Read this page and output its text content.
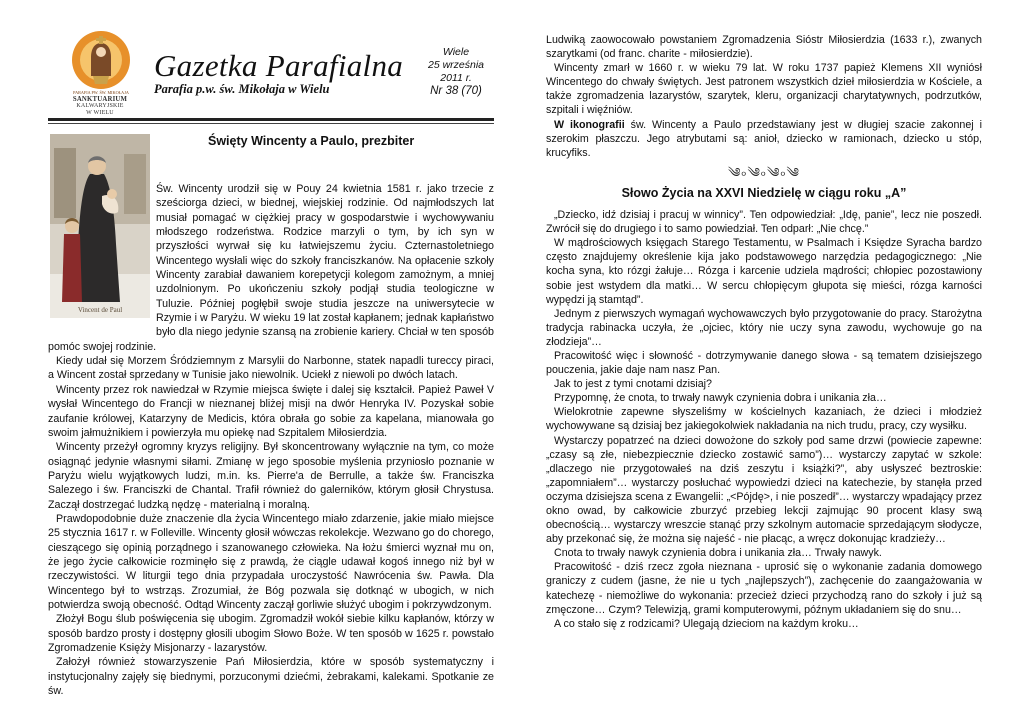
PARAFIA PW. ŚW. MIKOŁAJA
SANKTUARIUM
KALWARYJSKIE
W WIELU
Gazetka Parafialna
Parafia p.w. św. Mikołaja w Wielu
Wiele
25 września
2011 r.
Nr 38 (70)
Święty Wincenty a Paulo, prezbiter

Św. Wincenty urodził się w Pouy 24 kwietnia 1581 r. jako trzecie z sześciorga dzieci, w biednej, wiejskiej rodzinie. Od najmłodszych lat musiał pomagać w ciężkiej pracy w gospodarstwie i wychowywaniu młodszego rodzeństwa. Rodzice marzyli o tym, by ich syn w przyszłości wyrwał się ku łatwiejszemu życiu. Czternastoletniego Wincentego wysłali więc do szkoły franciszkanów. Na opłacenie szkoły Wincenty zarabiał dawaniem korepetycji kolegom zamożnym, a mniej uzdolnionym. Po ukończeniu szkoły podjął studia teologiczne w Tuluzie. Później pogłębił swoje studia jeszcze na uniwersytecie w Rzymie i w Paryżu. W wieku 19 lat został kapłanem; jednak kapłaństwo było dla niego jedynie szansą na zrobienie kariery. Chciał w ten sposób pomóc swojej rodzinie.

Kiedy udał się Morzem Śródziemnym z Marsylii do Narbonne, statek napadli tureccy piraci, a Wincent został sprzedany w Tunisie jako niewolnik. Uciekł z niewoli po dwóch latach.

Wincenty przez rok nawiedzał w Rzymie miejsca święte i dalej się kształcił. Papież Paweł V wysłał Wincentego do Francji w nieznanej bliżej misji na dwór Henryka IV. Pozyskał sobie zaufanie królowej, Katarzyny de Medicis, która obrała go sobie za kapelana, mianowała go swoim jałmużnikiem i powierzyła mu opiekę nad Szpitalem Miłosierdzia.

Wincenty przeżył ogromny kryzys religijny. Był skoncentrowany wyłącznie na tym, co może osiągnąć jedynie własnymi siłami. Zmianę w jego sposobie myślenia przyniosło poznanie w Paryżu wielu wyjątkowych ludzi, m.in. ks. Pierre'a de Berrulle, a także św. Franciszka Salezego i św. Franciszki de Chantal. Trafił również do galerników, którym głosił Chrystusa. Zaczął dostrzegać ludzką nędzę - materialną i moralną.

Prawdopodobnie duże znaczenie dla życia Wincentego miało zdarzenie, jakie miało miejsce 25 stycznia 1617 r. w Folleville. Wincenty głosił wówczas rekolekcje. Wezwano go do chorego, cieszącego się opinią porządnego i szanowanego człowieka. Na łożu śmierci wyznał mu on, że jego życie całkowicie rozminęło się z prawdą, że ciągle udawał kogoś innego niż był w rzeczywistości. W liturgii tego dnia przypadała uroczystość Nawrócenia św. Pawła. Dla Wincentego był to wstrząs. Zrozumiał, że Bóg pozwala się dotknąć w ubogich, w nich potwierdza swoją obecność. Odtąd Wincenty zaczął gorliwie służyć ubogim i pokrzywdzonym.

Złożył Bogu ślub poświęcenia się ubogim. Zgromadził wokół siebie kilku kapłanów, którzy w sposób bardzo prosty i dostępny głosili ubogim Słowo Boże. W ten sposób w 1625 r. powstało Zgromadzenie Księży Misjonarzy - lazarystów.

Założył również stowarzyszenie Pań Miłosierdzia, które w sposób systematyczny i instytucjonalny zajęły się biednymi, porzuconymi dziećmi, żebrakami, kalekami. Spotkanie ze św.

Vincent de Paul

Ludwiką zaowocowało powstaniem Zgromadzenia Sióstr Miłosierdzia (1633 r.), zwanych szarytkami (od franc. charite - miłosierdzie).

Wincenty zmarł w 1660 r. w wieku 79 lat. W roku 1737 papież Klemens XII wyniósł Wincentego do chwały świętych. Jest patronem wszystkich dzieł miłosierdzia w Kościele, a także zgromadzenia lazarystów, szarytek, kleru, organizacji charytatywnych, podrzutków, szpitali i więźniów.

W ikonografii św. Wincenty a Paulo przedstawiany jest w długiej szacie zakonnej i szerokim płaszczu. Jego atrybutami są: anioł, dziecko w ramionach, dziecko u stóp, krucyfiks.

༄৹༄৹༄৹༄
Słowo Życia na XXVI Niedzielę w ciągu roku „A”

„Dziecko, idź dzisiaj i pracuj w winnicy”. Ten odpowiedział: „Idę, panie”, lecz nie poszedł. Zwrócił się do drugiego i to samo powiedział. Ten odparł: „Nie chcę.”

W mądrościowych księgach Starego Testamentu, w Psalmach i Księdze Syracha bardzo często znajdujemy określenie kija jako podstawowego narzędzia pedagogicznego: „Nie kocha syna, kto rózgi żałuje… Rózga i karcenie udziela mądrości; chłopiec pozostawiony sobie jest wstydem dla matki… W sercu chłopięcym głupota się mieści, rózga karności wypędzi ją stamtąd”.

Jednym z pierwszych wymagań wychowawczych było przygotowanie do pracy. Starożytna tradycja rabinacka uczyła, że „ojciec, który nie uczy syna zawodu, wychowuje go na złodzieja”…

Pracowitość więc i słowność - dotrzymywanie danego słowa - są tematem dzisiejszego pouczenia, jakie daje nam nasz Pan.

Jak to jest z tymi cnotami dzisiaj?

Przypomnę, że cnota, to trwały nawyk czynienia dobra i unikania zła…

Wielokrotnie zapewne słyszeliśmy w kościelnych kazaniach, że dzieci i młodzież wychowywane są dzisiaj bez jakiegokolwiek nakładania na nich trudu, pracy, czy wysiłku.

Wystarczy popatrzeć na dzieci dowożone do szkoły pod same drzwi (powiecie zapewne: „czasy są złe, niebezpiecznie dziecko zostawić samo”)… wystarczy zapytać w szkole: „dlaczego nie przygotowałeś na dziś zeszytu i książki?”, aby usłyszeć beztroskie: „zapomniałem”… wystarczy posłuchać wypowiedzi dzieci na katechezie, by stanęła przed oczyma dzisiejsza scena z Ewangelii: „<Pójdę>, i nie poszedł”… wystarczy wpadający przez okno owad, by całkowicie zburzyć przebieg lekcji zajmując 90 procent klasy swą obecnością… wystarczy wreszcie stanąć przy szkolnym automacie sprzedającym słodycze, aby przekonać się, że można się najeść - nie płacąc, a wręcz dokonując kradzieży…

Cnota to trwały nawyk czynienia dobra i unikania zła… Trwały nawyk.

Pracowitość - dziś rzecz zgoła nieznana - uprosić się o wykonanie zadania domowego graniczy z cudem (jasne, że nie u tych „najlepszych”), zachęcenie do zaangażowania w katechezę - niemożliwe do wykonania: przecież dzieci przychodzą rano do szkoły i już są zmęczone… Czym? Telewizją, grami komputerowymi, późnym układaniem się do snu…

A co stało się z rodzicami? Ulegają dzieciom na każdym kroku…
